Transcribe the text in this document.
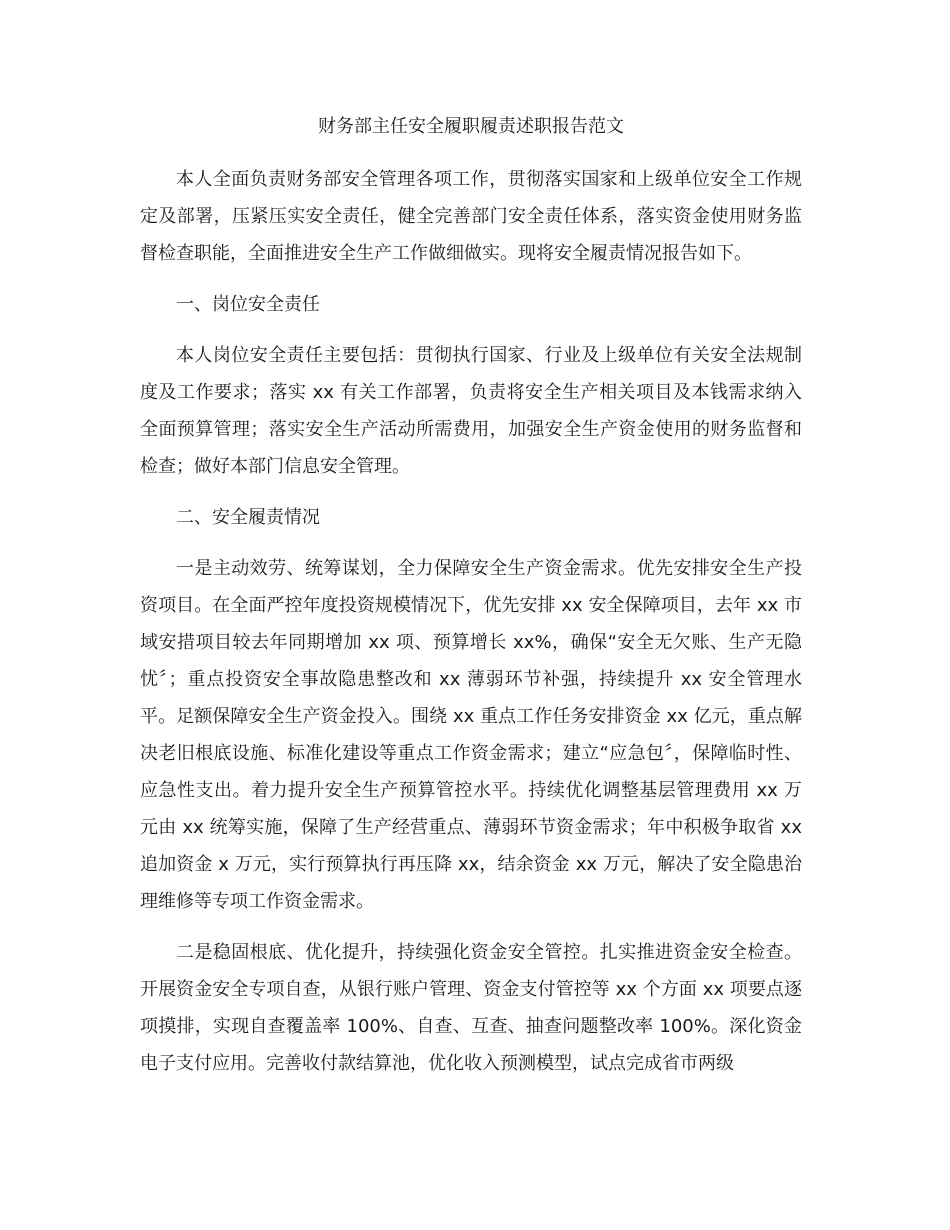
财务部主任安全履职履责述职报告范文

本人全面负责财务部安全管理各项工作，贯彻落实国家和上级单位安全工作规定及部署，压紧压实安全责任，健全完善部门安全责任体系，落实资金使用财务监督检查职能，全面推进安全生产工作做细做实。现将安全履责情况报告如下。

一、岗位安全责任

本人岗位安全责任主要包括：贯彻执行国家、行业及上级单位有关安全法规制度及工作要求；落实 xx 有关工作部署，负责将安全生产相关项目及本钱需求纳入全面预算管理；落实安全生产活动所需费用，加强安全生产资金使用的财务监督和检查；做好本部门信息安全管理。

二、安全履责情况

一是主动效劳、统筹谋划，全力保障安全生产资金需求。优先安排安全生产投资项目。在全面严控年度投资规模情况下，优先安排 xx 安全保障项目，去年 xx 市域安措项目较去年同期增加 xx 项、预算增长 xx%，确保“安全无欠账、生产无隐忧〞；重点投资安全事故隐患整改和 xx 薄弱环节补强，持续提升 xx 安全管理水平。足额保障安全生产资金投入。围绕 xx 重点工作任务安排资金 xx 亿元，重点解决老旧根底设施、标准化建设等重点工作资金需求；建立“应急包〞，保障临时性、应急性支出。着力提升安全生产预算管控水平。持续优化调整基层管理费用 xx 万元由 xx 统筹实施，保障了生产经营重点、薄弱环节资金需求；年中积极争取省 xx 追加资金 x 万元，实行预算执行再压降 xx，结余资金 xx 万元，解决了安全隐患治理维修等专项工作资金需求。

二是稳固根底、优化提升，持续强化资金安全管控。扎实推进资金安全检查。开展资金安全专项自查，从银行账户管理、资金支付管控等 xx 个方面 xx 项要点逐项摸排，实现自查覆盖率 100%、自查、互查、抽查问题整改率 100%。深化资金电子支付应用。完善收付款结算池，优化收入预测模型，试点完成省市两级
